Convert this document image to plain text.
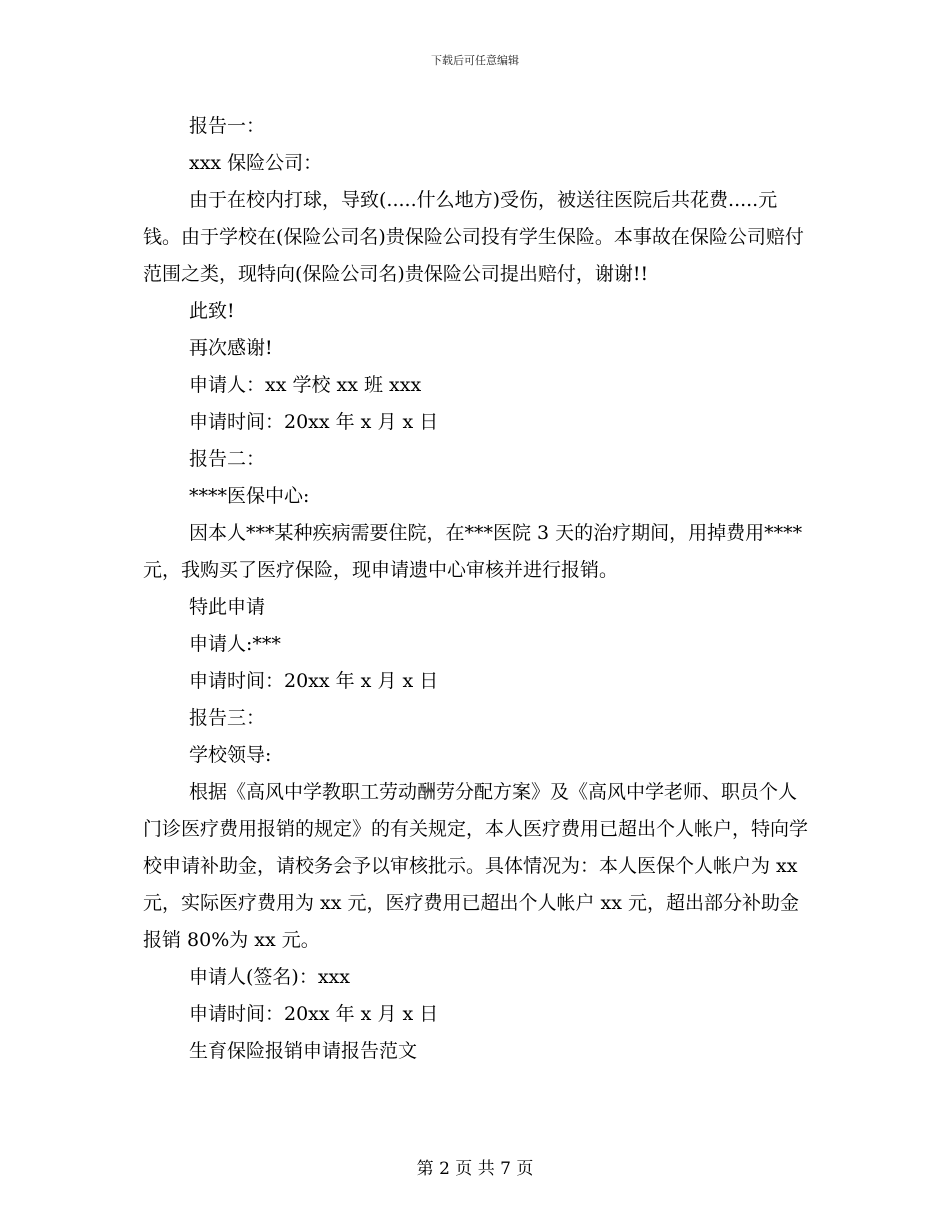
下载后可任意编辑

报告一：

xxx 保险公司：

由于在校内打球，导致(.....什么地方)受伤，被送往医院后共花费.....元钱。由于学校在(保险公司名)贵保险公司投有学生保险。本事故在保险公司赔付范围之类，现特向(保险公司名)贵保险公司提出赔付，谢谢!!

此致!

再次感谢!

申请人：xx 学校 xx 班 xxx

申请时间：20xx 年 x 月 x 日

报告二：

****医保中心:

因本人***某种疾病需要住院，在***医院 3 天的治疗期间，用掉费用****元，我购买了医疗保险，现申请遗中心审核并进行报销。

特此申请

申请人:***

申请时间：20xx 年 x 月 x 日

报告三：

学校领导:

根据《高风中学教职工劳动酬劳分配方案》及《高风中学老师、职员个人门诊医疗费用报销的规定》的有关规定，本人医疗费用已超出个人帐户，特向学校申请补助金，请校务会予以审核批示。具体情况为：本人医保个人帐户为 xx 元，实际医疗费用为 xx 元，医疗费用已超出个人帐户 xx 元，超出部分补助金报销 80%为 xx 元。

申请人(签名)：xxx

申请时间：20xx 年 x 月 x 日

生育保险报销申请报告范文

第 2 页 共 7 页
